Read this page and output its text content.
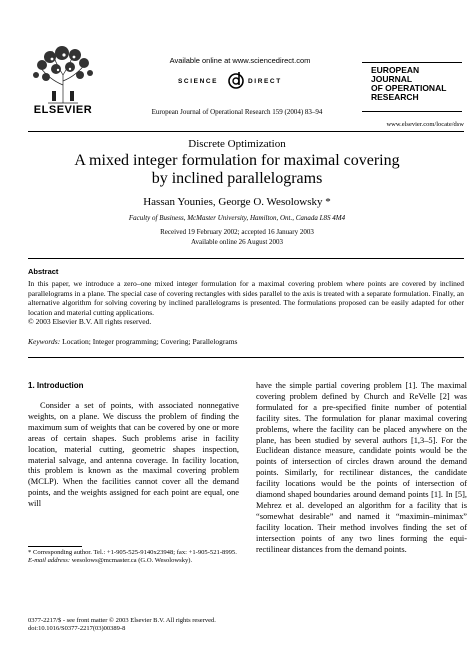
ELSEVIER
Available online at www.sciencedirect.com
SCIENCE	DIRECT
European Journal of Operational Research 159 (2004) 83–94
EUROPEAN
JOURNAL
OF OPERATIONAL
RESEARCH
www.elsevier.com/locate/dsw
Discrete Optimization
A mixed integer formulation for maximal covering
by inclined parallelograms
Hassan Younies, George O. Wesolowsky *
Faculty of Business, McMaster University, Hamilton, Ont., Canada L8S 4M4
Received 19 February 2002; accepted 16 January 2003
Available online 26 August 2003
Abstract
In this paper, we introduce a zero–one mixed integer formulation for a maximal covering problem where points are covered by inclined parallelograms in a plane. The special case of covering rectangles with sides parallel to the axis is treated with a separate formulation. Finally, an alternative algorithm for solving covering by inclined parallelograms is presented. The formulations proposed can be easily adapted for other location and material cutting applications.
© 2003 Elsevier B.V. All rights reserved.
Keywords: Location; Integer programming; Covering; Parallelograms
1. Introduction

Consider a set of points, with associated nonnegative weights, on a plane. We discuss the problem of finding the maximum sum of weights that can be covered by one or more areas of certain shapes. Such problems arise in facility location, material cutting, geometric shapes inspection, material salvage, and antenna coverage. In facility location, this problem is known as the maximal covering problem (MCLP). When the facilities cannot cover all the demand points, and the weights assigned for each point are equal, one will

have the simple partial covering problem [1]. The maximal covering problem defined by Church and ReVelle [2] was formulated for a pre-specified finite number of potential facility sites. The formulation for planar maximal covering problems, where the facility can be placed anywhere on the plane, has been studied by several authors [1,3–5]. For the Euclidean distance measure, candidate points would be the points of intersection of circles drawn around the demand points. Similarly, for rectilinear distances, the candidate facility locations would be the points of intersection of diamond shaped boundaries around demand points [1]. In [5], Mehrez et al. developed an algorithm for a facility that is “somewhat desirable” and named it “maximin–minimax” facility location. Their method involves finding the set of intersection points of any two lines forming the equi-rectilinear distances from the demand points.

* Corresponding author. Tel.: +1-905-525-9140x23948; fax: +1-905-521-8995.

E-mail address: wesolows@mcmaster.ca (G.O. Wesolowsky).

0377-2217/$ - see front matter © 2003 Elsevier B.V. All rights reserved.

doi:10.1016/S0377-2217(03)00389-8
